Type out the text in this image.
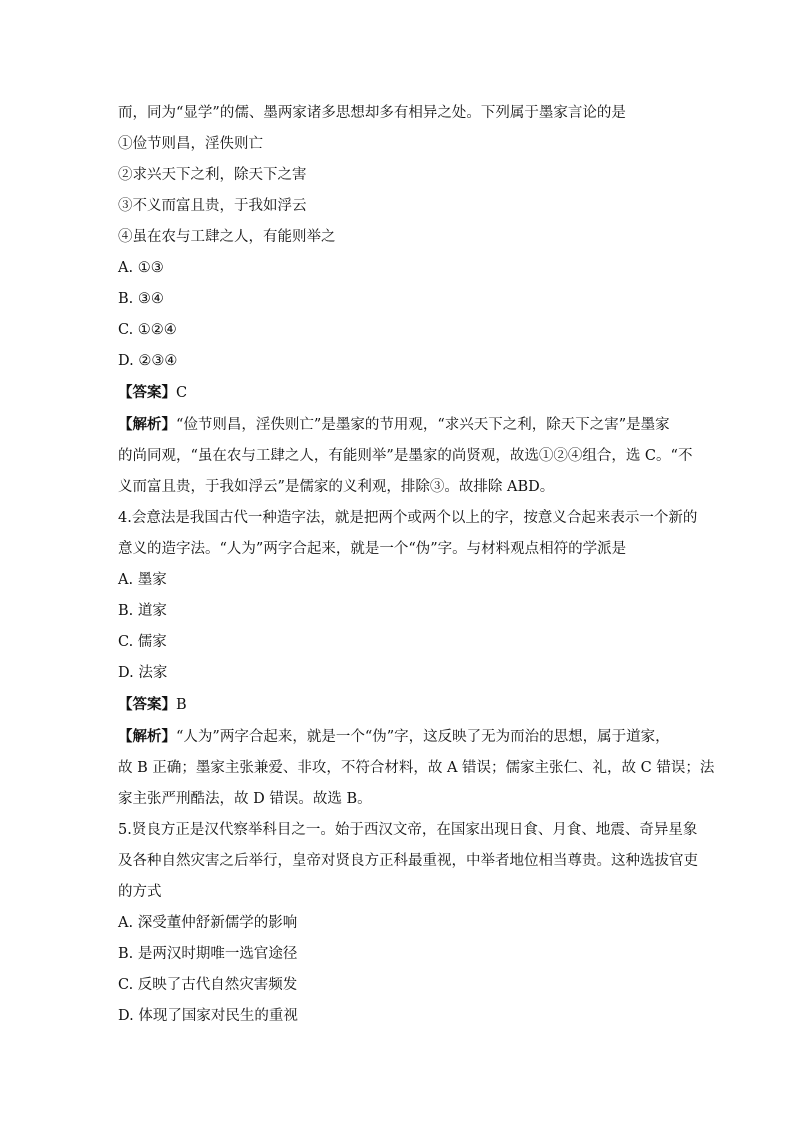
而，同为“显学”的儒、墨两家诸多思想却多有相异之处。下列属于墨家言论的是

①俭节则昌，淫佚则亡

②求兴天下之利，除天下之害

③不义而富且贵，于我如浮云

④虽在农与工肆之人，有能则举之

A. ①③

B. ③④

C. ①②④

D. ②③④

【答案】C

【解析】“俭节则昌，淫佚则亡”是墨家的节用观，“求兴天下之利，除天下之害”是墨家

的尚同观，“虽在农与工肆之人，有能则举”是墨家的尚贤观，故选①②④组合，选 C。“不

义而富且贵，于我如浮云”是儒家的义利观，排除③。故排除 ABD。

4.会意法是我国古代一种造字法，就是把两个或两个以上的字，按意义合起来表示一个新的

意义的造字法。“人为”两字合起来，就是一个“伪”字。与材料观点相符的学派是

A. 墨家

B. 道家

C. 儒家

D. 法家

【答案】B

【解析】“人为”两字合起来，就是一个“伪”字，这反映了无为而治的思想，属于道家，

故 B 正确；墨家主张兼爱、非攻，不符合材料，故 A 错误；儒家主张仁、礼，故 C 错误；法

家主张严刑酷法，故 D 错误。故选 B。

5.贤良方正是汉代察举科目之一。始于西汉文帝，在国家出现日食、月食、地震、奇异星象

及各种自然灾害之后举行，皇帝对贤良方正科最重视，中举者地位相当尊贵。这种选拔官吏

的方式

A. 深受董仲舒新儒学的影响

B. 是两汉时期唯一选官途径

C. 反映了古代自然灾害频发

D. 体现了国家对民生的重视
